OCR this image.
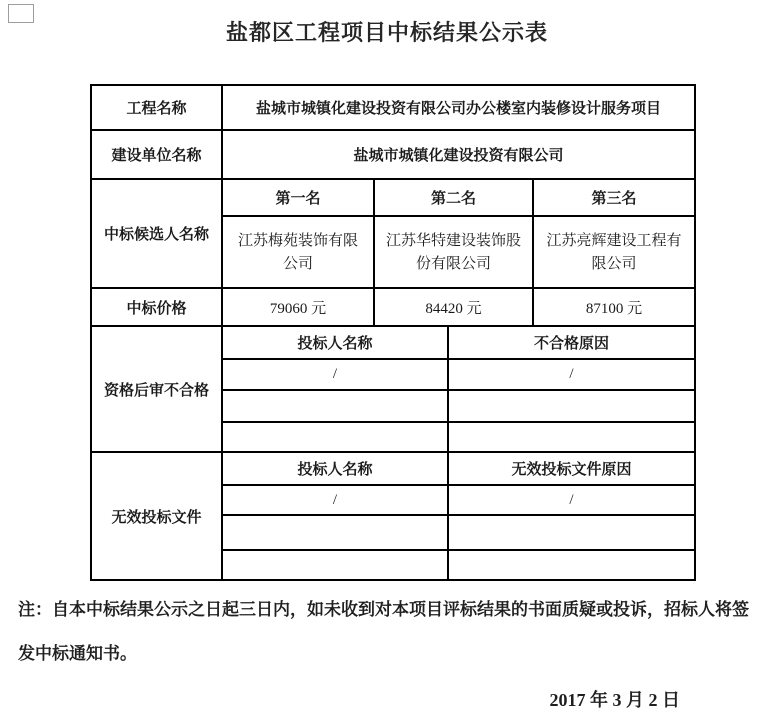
盐都区工程项目中标结果公示表
工程名称	盐城市城镇化建设投资有限公司办公楼室内装修设计服务项目			
建设单位名称	盐城市城镇化建设投资有限公司			
中标候选人名称	第一名	第二名		第三名
	江苏梅苑装饰有限公司	江苏华特建设装饰股份有限公司		江苏亮辉建设工程有限公司
中标价格	79060 元	84420 元		87100 元
资格后审不合格	投标人名称		不合格原因	
	/		/	

无效投标文件	投标人名称		无效投标文件原因	
	/		/	

注：自本中标结果公示之日起三日内，如未收到对本项目评标结果的书面质疑或投诉，招标人将签发中标通知书。
2017 年 3 月 2 日
